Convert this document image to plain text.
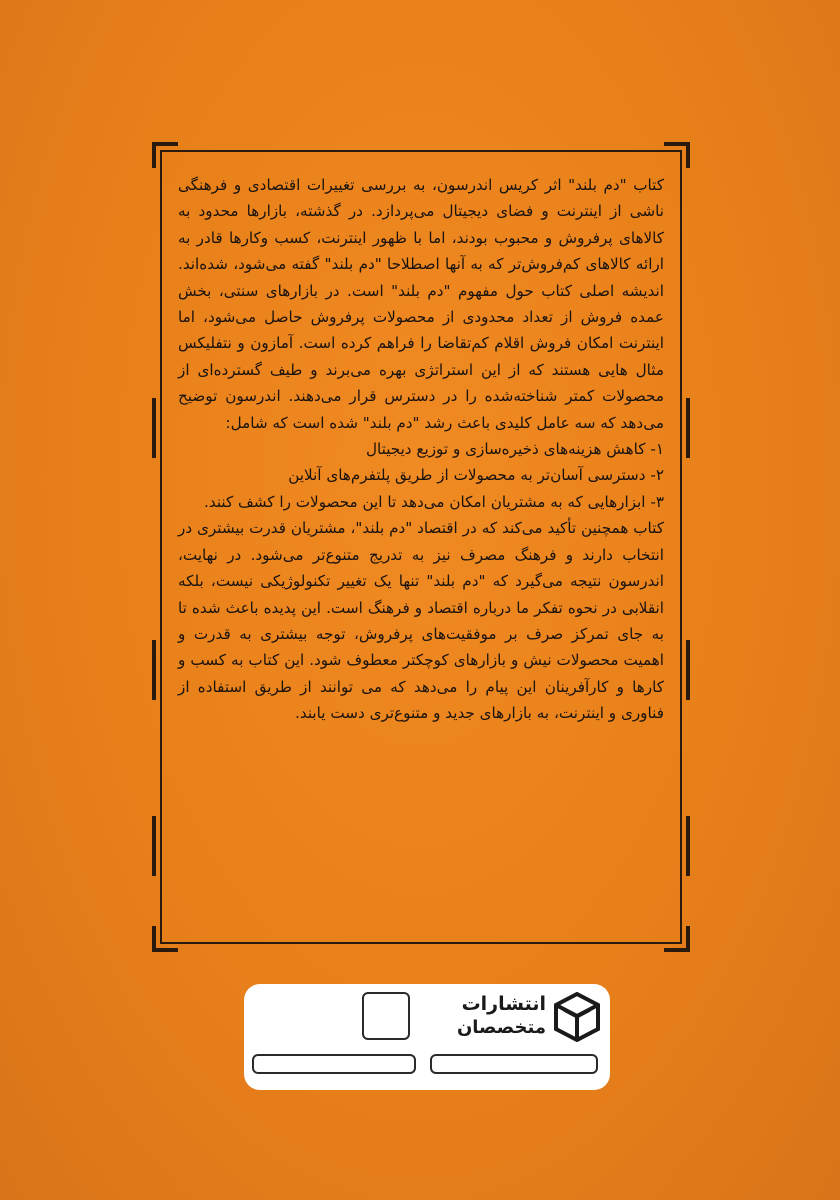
کتاب "دم بلند" اثر کریس اندرسون، به بررسی تغییرات اقتصادی و فرهنگی ناشی از اینترنت و فضای دیجیتال می‌پردازد. در گذشته، بازارها محدود به کالاهای پرفروش و محبوب بودند، اما با ظهور اینترنت، کسب وکارها قادر به ارائه کالاهای کم‌فروش‌تر که به آنها اصطلاحا "دم بلند" گفته می‌شود، شده‌اند. اندیشه اصلی کتاب حول مفهوم "دم بلند" است. در بازارهای سنتی، بخش عمده فروش از تعداد محدودی از محصولات پرفروش حاصل می‌شود، اما اینترنت امکان فروش اقلام کم‌تقاضا را فراهم کرده است. آمازون و نتفلیکس مثال هایی هستند که از این استراتژی بهره می‌برند و طیف گسترده‌ای از محصولات کمتر شناخته‌شده را در دسترس قرار می‌دهند. اندرسون توضیح می‌دهد که سه عامل کلیدی باعث رشد "دم بلند" شده است که شامل:

۱- کاهش هزینه‌های ذخیره‌سازی و توزیع دیجیتال

۲- دسترسی آسان‌تر به محصولات از طریق پلتفرم‌های آنلاین

۳- ابزارهایی که به مشتریان امکان می‌دهد تا این محصولات را کشف کنند.

کتاب همچنین تأکید می‌کند که در اقتصاد "دم بلند"، مشتریان قدرت بیشتری در انتخاب دارند و فرهنگ مصرف نیز به تدریج متنوع‌تر می‌شود. در نهایت، اندرسون نتیجه می‌گیرد که "دم بلند" تنها یک تغییر تکنولوژیکی نیست، بلکه انقلابی در نحوه تفکر ما درباره اقتصاد و فرهنگ است. این پدیده باعث شده تا به جای تمرکز صرف بر موفقیت‌های پرفروش، توجه بیشتری به قدرت و اهمیت محصولات نیش و بازارهای کوچکتر معطوف شود. این کتاب به کسب و کارها و کارآفرینان این پیام را می‌دهد که می توانند از طریق استفاده از فناوری و اینترنت، به بازارهای جدید و متنوع‌تری دست یابند.

انتشارات
متخصصان
